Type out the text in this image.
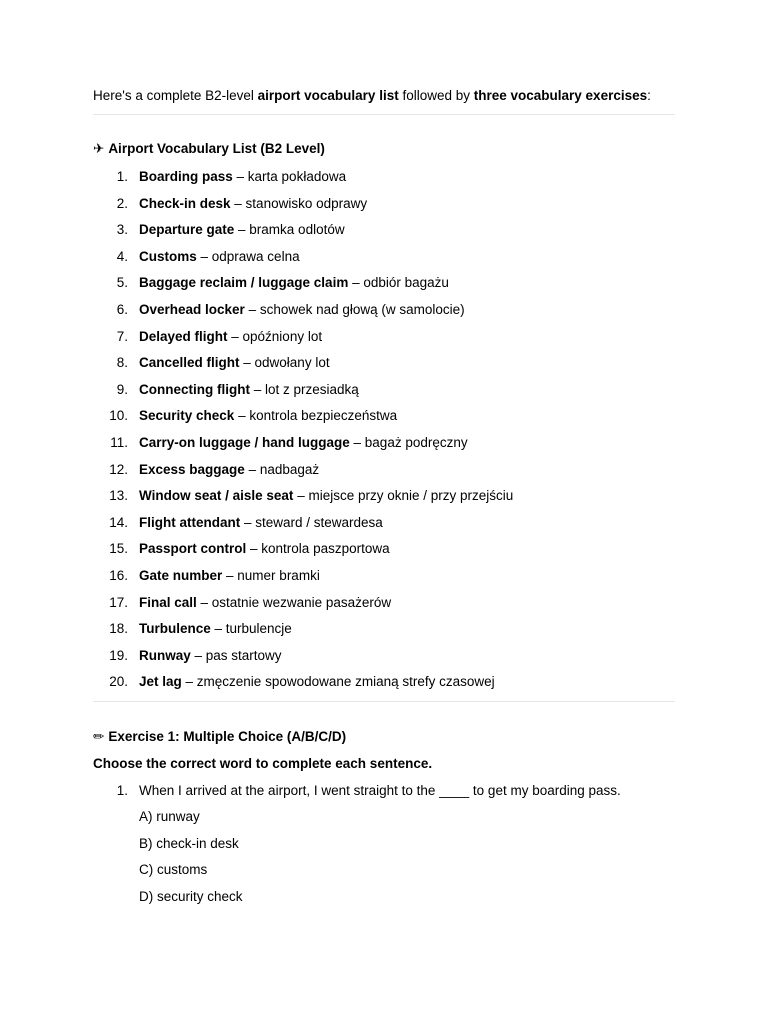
Here's a complete B2-level airport vocabulary list followed by three vocabulary exercises:
✈ Airport Vocabulary List (B2 Level)
1. Boarding pass – karta pokładowa
2. Check-in desk – stanowisko odprawy
3. Departure gate – bramka odlotów
4. Customs – odprawa celna
5. Baggage reclaim / luggage claim – odbiór bagażu
6. Overhead locker – schowek nad głową (w samolocie)
7. Delayed flight – opóźniony lot
8. Cancelled flight – odwołany lot
9. Connecting flight – lot z przesiadką
10. Security check – kontrola bezpieczeństwa
11. Carry-on luggage / hand luggage – bagaż podręczny
12. Excess baggage – nadbagaż
13. Window seat / aisle seat – miejsce przy oknie / przy przejściu
14. Flight attendant – steward / stewardesa
15. Passport control – kontrola paszportowa
16. Gate number – numer bramki
17. Final call – ostatnie wezwanie pasażerów
18. Turbulence – turbulencje
19. Runway – pas startowy
20. Jet lag – zmęczenie spowodowane zmianą strefy czasowej
✏ Exercise 1: Multiple Choice (A/B/C/D)
Choose the correct word to complete each sentence.
1. When I arrived at the airport, I went straight to the ____ to get my boarding pass.
A) runway
B) check-in desk
C) customs
D) security check
